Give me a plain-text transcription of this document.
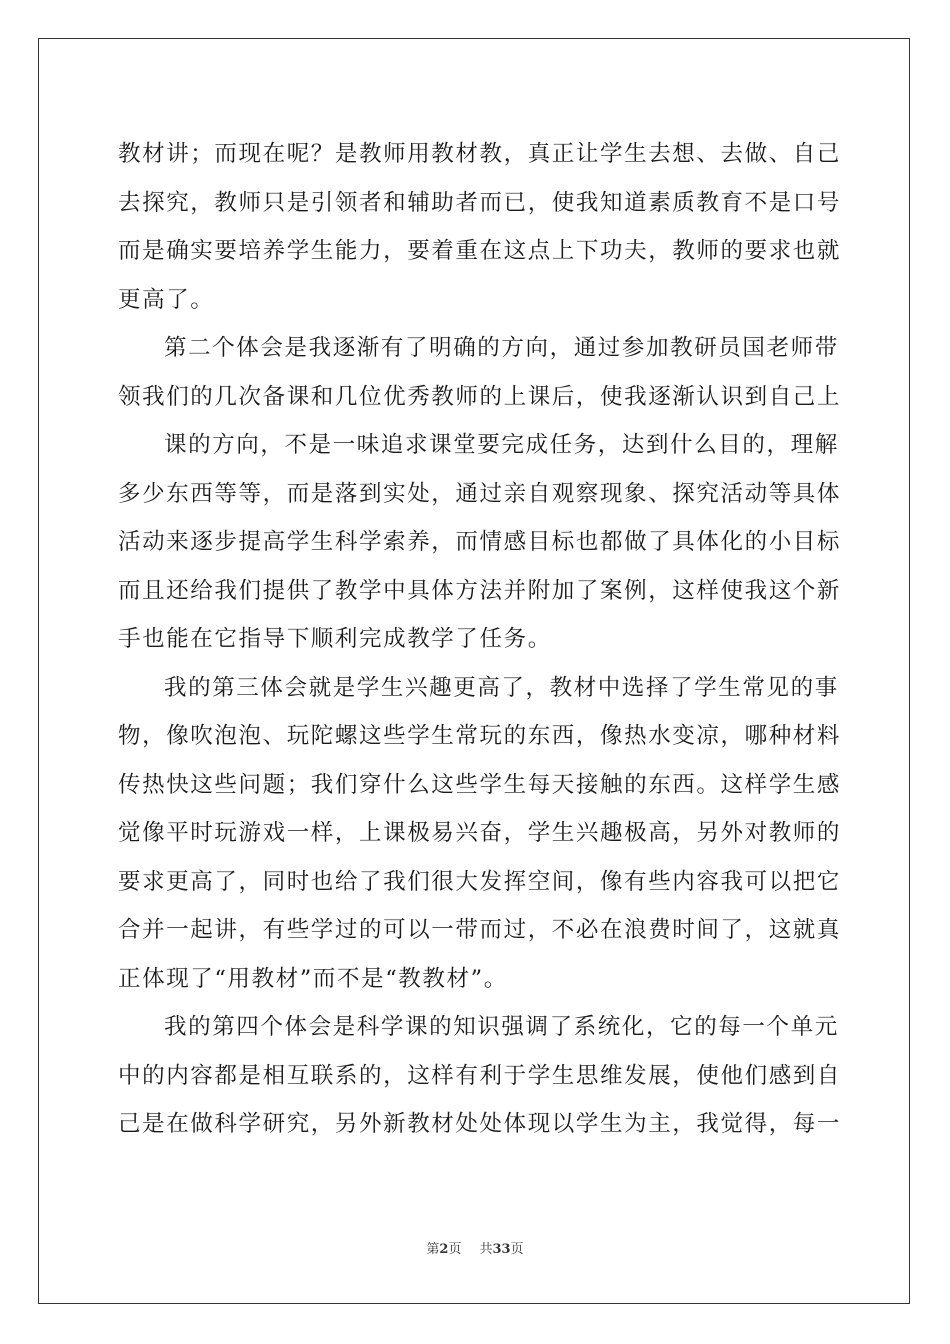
教材讲；而现在呢？是教师用教材教，真正让学生去想、去做、自己
去探究，教师只是引领者和辅助者而已，使我知道素质教育不是口号
而是确实要培养学生能力，要着重在这点上下功夫，教师的要求也就
更高了。
第二个体会是我逐渐有了明确的方向，通过参加教研员国老师带
领我们的几次备课和几位优秀教师的上课后，使我逐渐认识到自己上
课的方向，不是一味追求课堂要完成任务，达到什么目的，理解
多少东西等等，而是落到实处，通过亲自观察现象、探究活动等具体
活动来逐步提高学生科学索养，而情感目标也都做了具体化的小目标
而且还给我们提供了教学中具体方法并附加了案例，这样使我这个新
手也能在它指导下顺利完成教学了任务。
我的第三体会就是学生兴趣更高了，教材中选择了学生常见的事
物，像吹泡泡、玩陀螺这些学生常玩的东西，像热水变凉，哪种材料
传热快这些问题；我们穿什么这些学生每天接触的东西。这样学生感
觉像平时玩游戏一样，上课极易兴奋，学生兴趣极高，另外对教师的
要求更高了，同时也给了我们很大发挥空间，像有些内容我可以把它
合并一起讲，有些学过的可以一带而过，不必在浪费时间了，这就真
正体现了“用教材”而不是“教教材”。
我的第四个体会是科学课的知识强调了系统化，它的每一个单元
中的内容都是相互联系的，这样有利于学生思维发展，使他们感到自
己是在做科学研究，另外新教材处处体现以学生为主，我觉得，每一
第2页 共33页
